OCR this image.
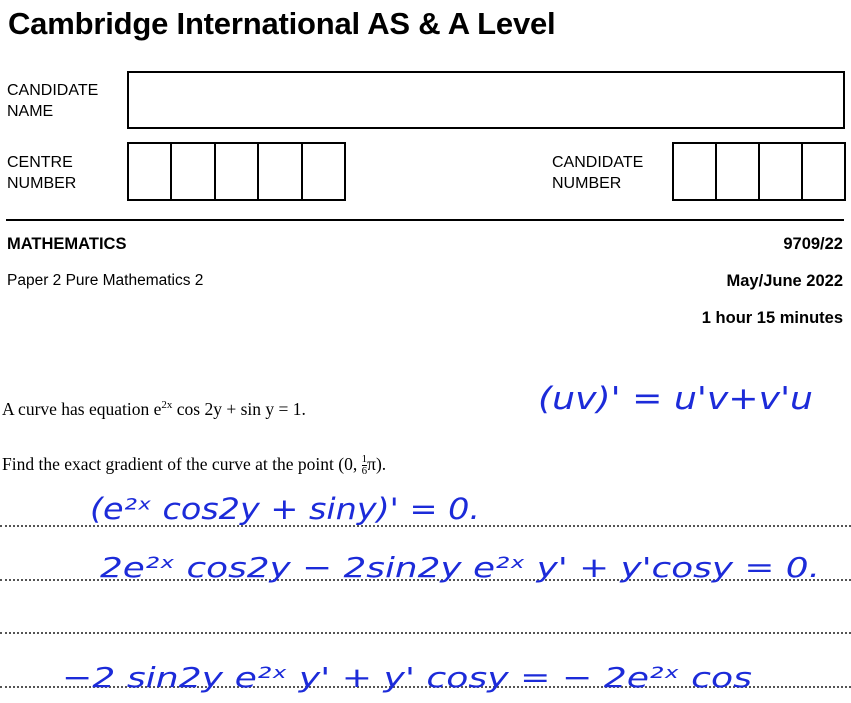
Cambridge International AS & A Level
CANDIDATE
NAME
CENTRE
NUMBER
CANDIDATE
NUMBER
MATHEMATICS	9709/22
Paper 2 Pure Mathematics 2	May/June 2022
1 hour 15 minutes
A curve has equation $e^{2x}$ cos 2y + sin y = 1.
Find the exact gradient of the curve at the point (0, $\frac{1}{6} \pi$).
(uv)' = u'v+v'u
(e²ˣ cos2y + siny)' = 0.
2e²ˣ cos2y − 2sin2y e²ˣ y' + y'cosy = 0.
−2 sin2y e²ˣ y' + y' cosy = − 2e²ˣ cos
